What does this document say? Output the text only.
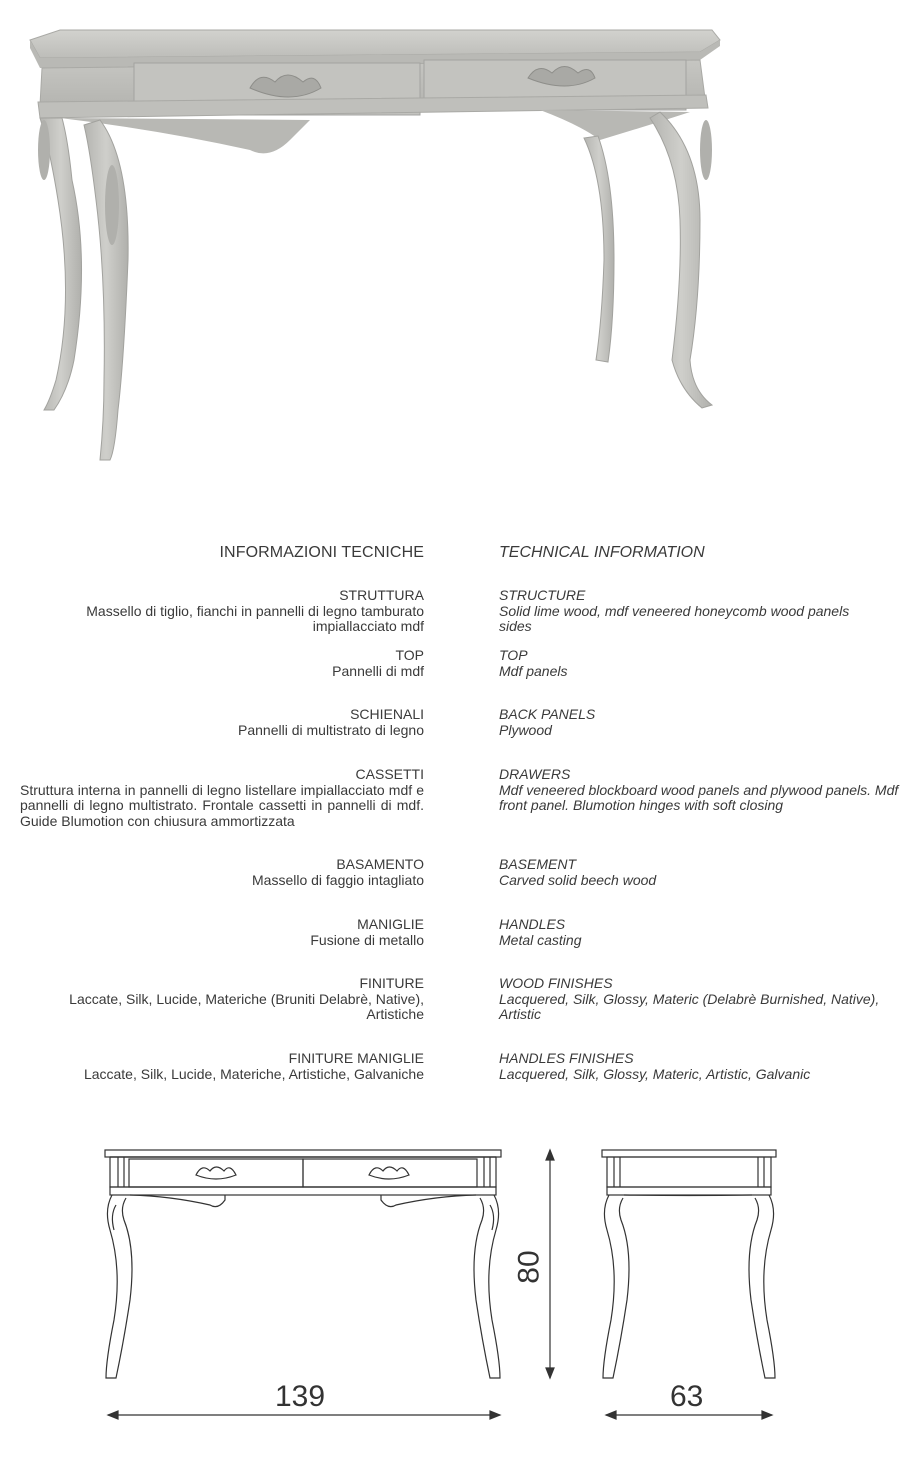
INFORMAZIONI TECNICHE	TECHNICAL INFORMATION
STRUTTURA
Massello di tiglio, fianchi in pannelli di legno tamburato impiallacciato mdf
TOP
Pannelli di mdf
SCHIENALI
Pannelli di multistrato di legno
CASSETTI
Struttura interna in pannelli di legno listellare impiallacciato mdf e pannelli di legno multistrato. Frontale cassetti in pannelli di mdf. Guide Blumotion con chiusura ammortizzata
BASAMENTO
Massello di faggio intagliato
MANIGLIE
Fusione di metallo
FINITURE
Laccate, Silk, Lucide, Materiche (Bruniti Delabrè, Native), Artistiche
FINITURE MANIGLIE
Laccate, Silk, Lucide, Materiche, Artistiche, Galvaniche
STRUCTURE
Solid lime wood, mdf veneered honeycomb wood panels sides
TOP
Mdf panels
BACK PANELS
Plywood
DRAWERS
Mdf veneered blockboard wood panels and plywood panels. Mdf front panel. Blumotion hinges with soft closing
BASEMENT
Carved solid beech wood
HANDLES
Metal casting
WOOD FINISHES
Lacquered, Silk, Glossy, Materic (Delabrè Burnished, Native), Artistic
HANDLES FINISHES
Lacquered, Silk, Glossy, Materic, Artistic, Galvanic
139	63
80
